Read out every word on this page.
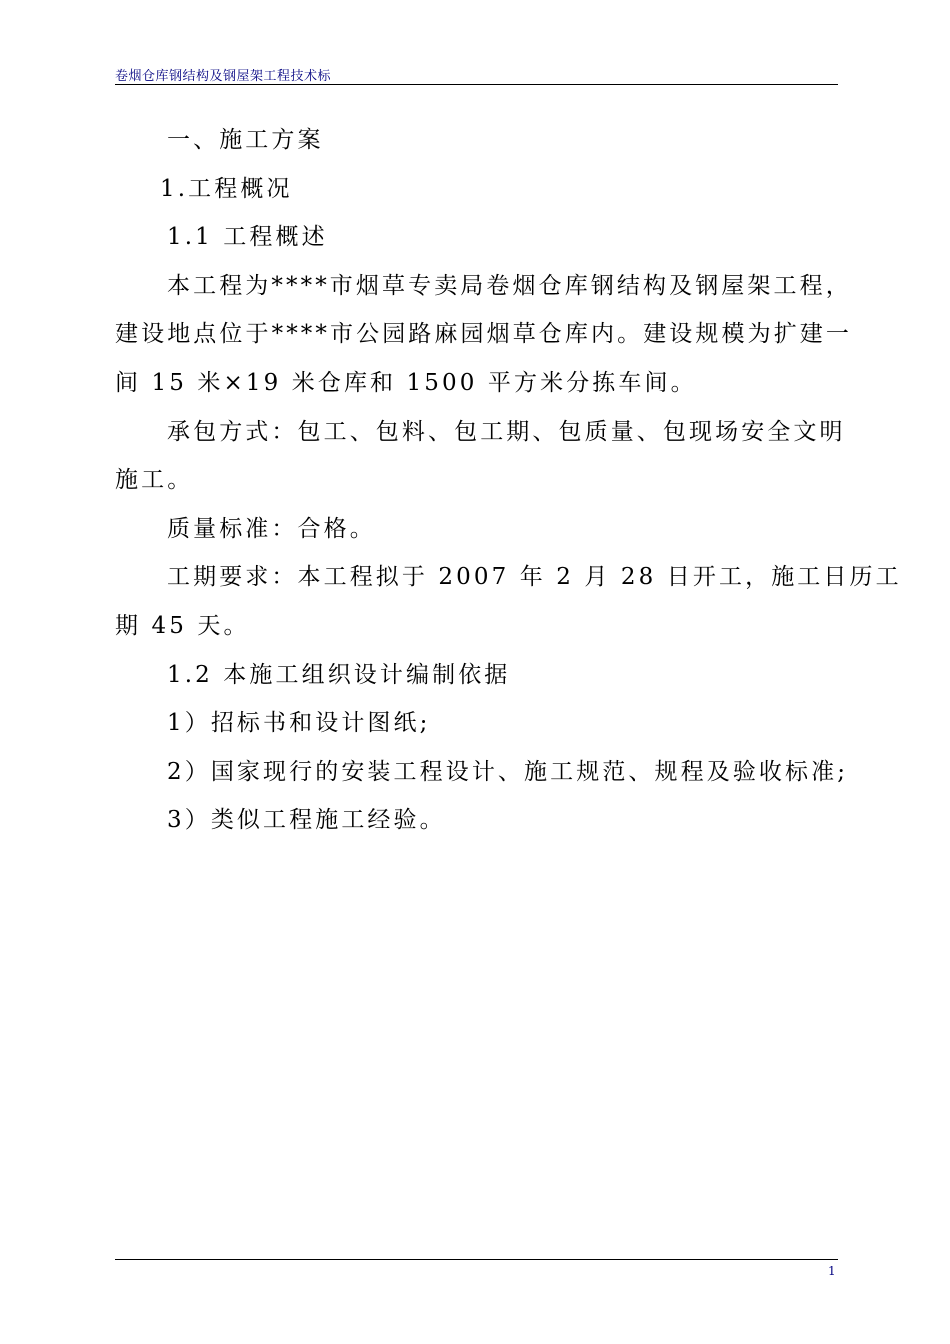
卷烟仓库钢结构及钢屋架工程技术标
一、施工方案
1.工程概况
1.1 工程概述
本工程为****市烟草专卖局卷烟仓库钢结构及钢屋架工程，
建设地点位于****市公园路麻园烟草仓库内。建设规模为扩建一
间 15 米×19 米仓库和 1500 平方米分拣车间。
承包方式：包工、包料、包工期、包质量、包现场安全文明
施工。
质量标准：合格。
工期要求：本工程拟于 2007 年 2 月 28 日开工，施工日历工
期 45 天。
1.2 本施工组织设计编制依据
1）招标书和设计图纸;
2）国家现行的安装工程设计、施工规范、规程及验收标准;
3）类似工程施工经验。
1
